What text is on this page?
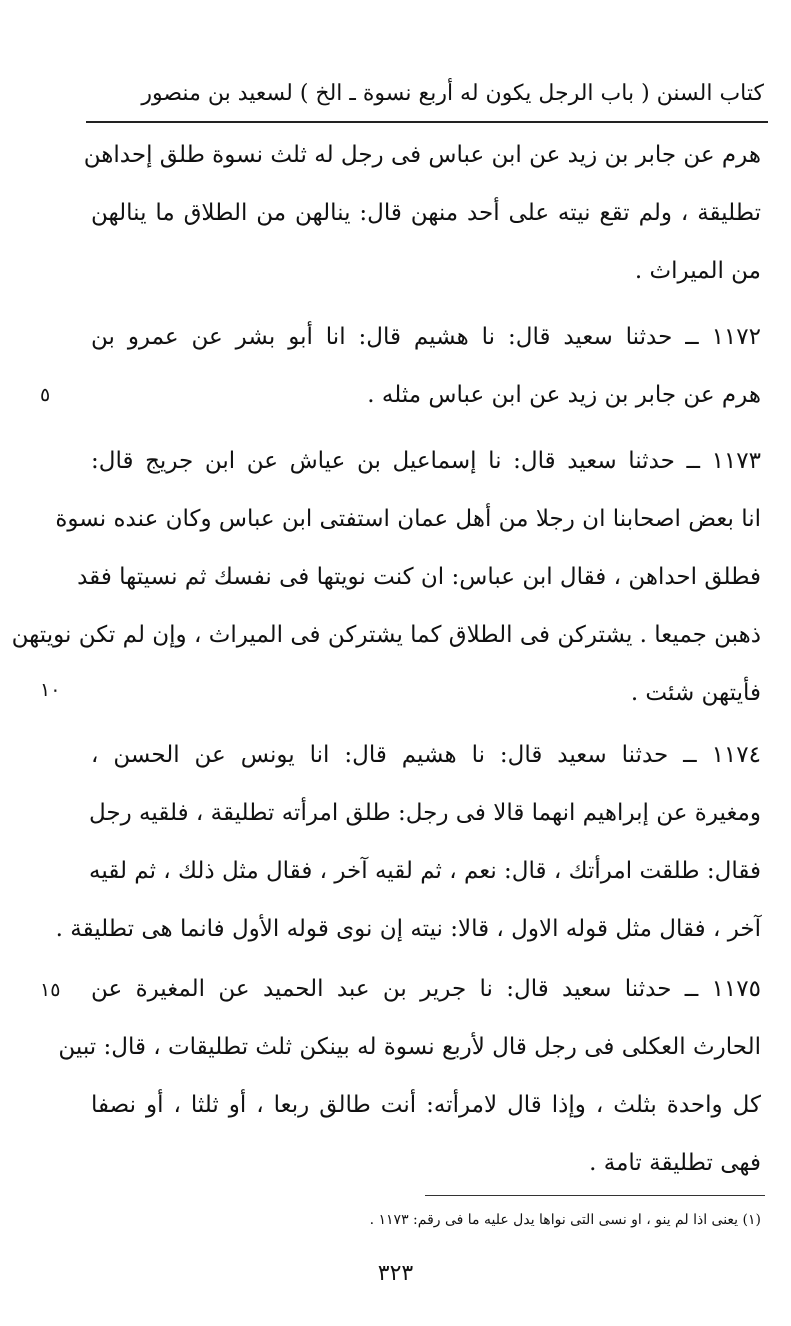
كتاب السنن ( باب الرجل يكون له أربع نسوة ـ الخ ) لسعيد بن منصور
هرم عن جابر بن زيد عن ابن عباس فى رجل له ثلث نسوة طلق إحداهن
تطليقة ، ولم تقع نيته على أحد منهن قال: ينالهن من الطلاق ما ينالهن
من الميراث .
١١٧٢ ــ حدثنا سعيد قال: نا هشيم قال: انا أبو بشر عن عمرو بن
هرم عن جابر بن زيد عن ابن عباس مثله .
٥
١١٧٣ ــ حدثنا سعيد قال: نا إسماعيل بن عياش عن ابن جريج قال:
انا بعض اصحابنا ان رجلا من أهل عمان استفتى ابن عباس وكان عنده نسوة
فطلق احداهن ، فقال ابن عباس: ان كنت نويتها فى نفسك ثم نسيتها فقد
ذهبن جميعا . يشتركن فى الطلاق كما يشتركن فى الميراث ، وإن لم تكن نويتهن
فأيتهن شئت .
١٠
١١٧٤ ــ حدثنا سعيد قال: نا هشيم قال: انا يونس عن الحسن ،
ومغيرة عن إبراهيم انهما قالا فى رجل: طلق امرأته تطليقة ، فلقيه رجل
فقال: طلقت امرأتك ، قال: نعم ، ثم لقيه آخر ، فقال مثل ذلك ، ثم لقيه
آخر ، فقال مثل قوله الاول ، قالا: نيته إن نوى قوله الأول فانما هى تطليقة .
١١٧٥ ــ حدثنا سعيد قال: نا جرير بن عبد الحميد عن المغيرة عن
١٥
الحارث العكلى فى رجل قال لأربع نسوة له بينكن ثلث تطليقات ، قال: تبين
كل واحدة بثلث ، وإذا قال لامرأته: أنت طالق ربعا ، أو ثلثا ، أو نصفا
فهى تطليقة تامة .
(١) يعنى اذا لم ينو ، او نسى التى نواها يدل عليه ما فى رقم: ١١٧٣ .
٣٢٣
